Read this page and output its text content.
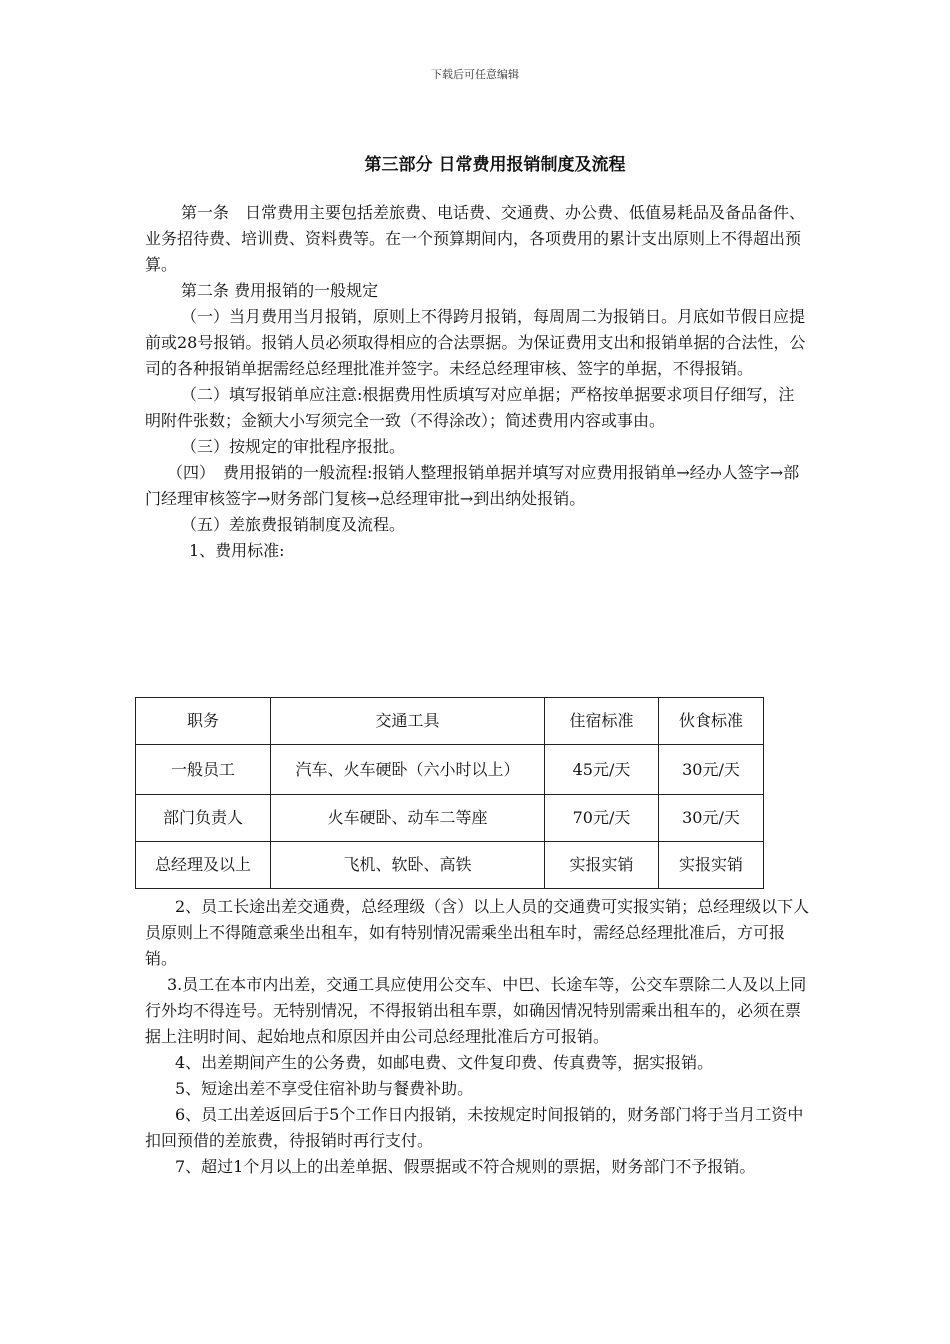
下载后可任意编辑
第三部分 日常费用报销制度及流程

第一条　日常费用主要包括差旅费、电话费、交通费、办公费、低值易耗品及备品备件、业务招待费、培训费、资料费等。在一个预算期间内，各项费用的累计支出原则上不得超出预算。

第二条 费用报销的一般规定

（一）当月费用当月报销，原则上不得跨月报销，每周周二为报销日。月底如节假日应提前或28号报销。报销人员必须取得相应的合法票据。为保证费用支出和报销单据的合法性，公司的各种报销单据需经总经理批准并签字。未经总经理审核、签字的单据，不得报销。

（二）填写报销单应注意:根据费用性质填写对应单据；严格按单据要求项目仔细写，注明附件张数；金额大小写须完全一致（不得涂改）；简述费用内容或事由。

（三）按规定的审批程序报批。

（四）　费用报销的一般流程:报销人整理报销单据并填写对应费用报销单→经办人签字→部门经理审核签字→财务部门复核→总经理审批→到出纳处报销。

（五）差旅费报销制度及流程。

1、费用标准:

职务	交通工具	住宿标准	伙食标准
一般员工	汽车、火车硬卧（六小时以上）	45元/天	30元/天
部门负责人	火车硬卧、动车二等座	70元/天	30元/天
总经理及以上	飞机、软卧、高铁	实报实销	实报实销

2、员工长途出差交通费，总经理级（含）以上人员的交通费可实报实销；总经理级以下人员原则上不得随意乘坐出租车，如有特别情况需乘坐出租车时，需经总经理批准后，方可报销。

3.员工在本市内出差，交通工具应使用公交车、中巴、长途车等，公交车票除二人及以上同行外均不得连号。无特别情况，不得报销出租车票，如确因情况特别需乘出租车的，必须在票据上注明时间、起始地点和原因并由公司总经理批准后方可报销。

4、出差期间产生的公务费，如邮电费、文件复印费、传真费等，据实报销。

5、短途出差不享受住宿补助与餐费补助。

6、员工出差返回后于5个工作日内报销，未按规定时间报销的，财务部门将于当月工资中扣回预借的差旅费，待报销时再行支付。

7、超过1个月以上的出差单据、假票据或不符合规则的票据，财务部门不予报销。
